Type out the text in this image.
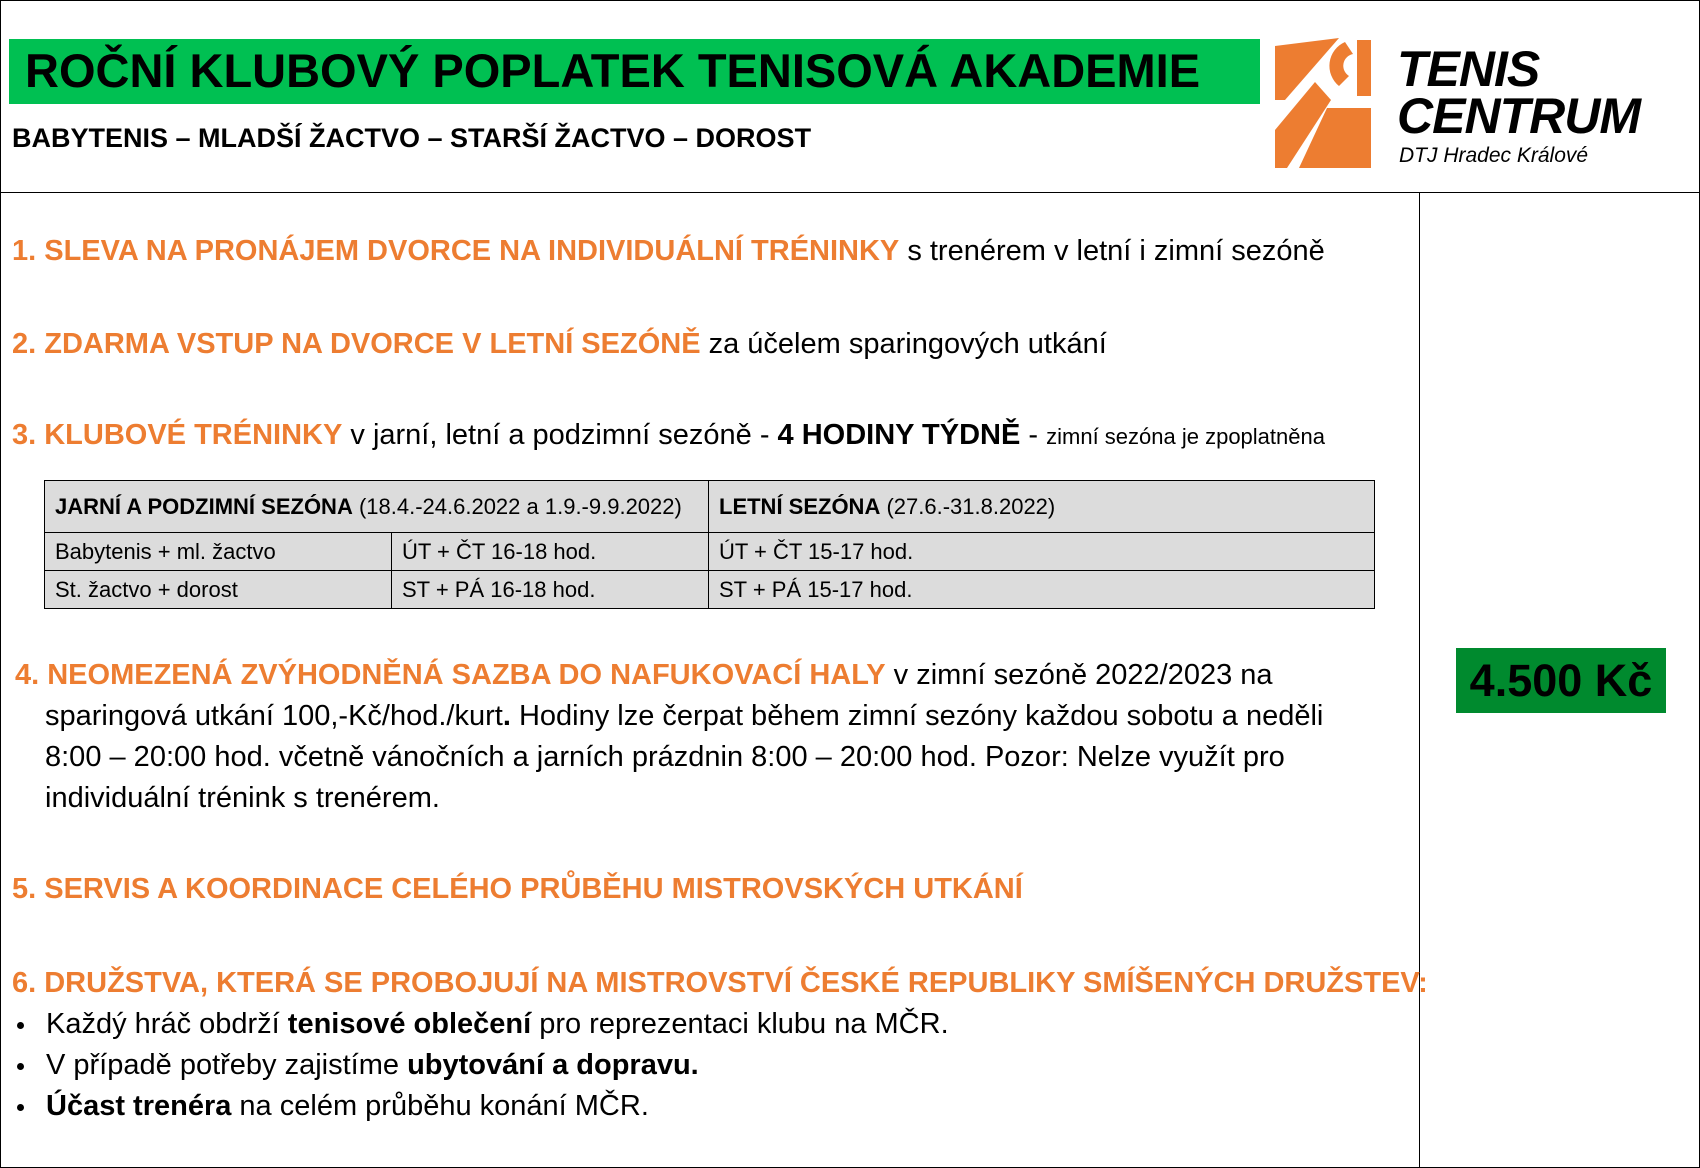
ROČNÍ KLUBOVÝ POPLATEK TENISOVÁ AKADEMIE
BABYTENIS – MLADŠÍ ŽACTVO – STARŠÍ ŽACTVO – DOROST
TENIS
CENTRUM
DTJ Hradec Králové
1. SLEVA NA PRONÁJEM DVORCE NA INDIVIDUÁLNÍ TRÉNINKY s trenérem v letní i zimní sezóně
2. ZDARMA VSTUP NA DVORCE V LETNÍ SEZÓNĚ za účelem sparingových utkání
3. KLUBOVÉ TRÉNINKY v jarní, letní a podzimní sezóně - 4 HODINY TÝDNĚ - zimní sezóna je zpoplatněna
JARNÍ A PODZIMNÍ SEZÓNA (18.4.-24.6.2022 a 1.9.-9.9.2022)		LETNÍ SEZÓNA (27.6.-31.8.2022)
Babytenis + ml. žactvo	ÚT + ČT 16-18 hod.	ÚT + ČT 15-17 hod.
St. žactvo + dorost	ST + PÁ 16-18 hod.	ST + PÁ 15-17 hod.
4. NEOMEZENÁ ZVÝHODNĚNÁ SAZBA DO NAFUKOVACÍ HALY v zimní sezóně 2022/2023 na
sparingová utkání 100,-Kč/hod./kurt. Hodiny lze čerpat během zimní sezóny každou sobotu a neděli
8:00 – 20:00 hod. včetně vánočních a jarních prázdnin 8:00 – 20:00 hod. Pozor: Nelze využít pro
individuální trénink s trenérem.
5. SERVIS A KOORDINACE CELÉHO PRŮBĚHU MISTROVSKÝCH UTKÁNÍ
6. DRUŽSTVA, KTERÁ SE PROBOJUJÍ NA MISTROVSTVÍ ČESKÉ REPUBLIKY SMÍŠENÝCH DRUŽSTEV:
Každý hráč obdrží tenisové oblečení pro reprezentaci klubu na MČR.
V případě potřeby zajistíme ubytování a dopravu.
Účast trenéra na celém průběhu konání MČR.
4.500 Kč
